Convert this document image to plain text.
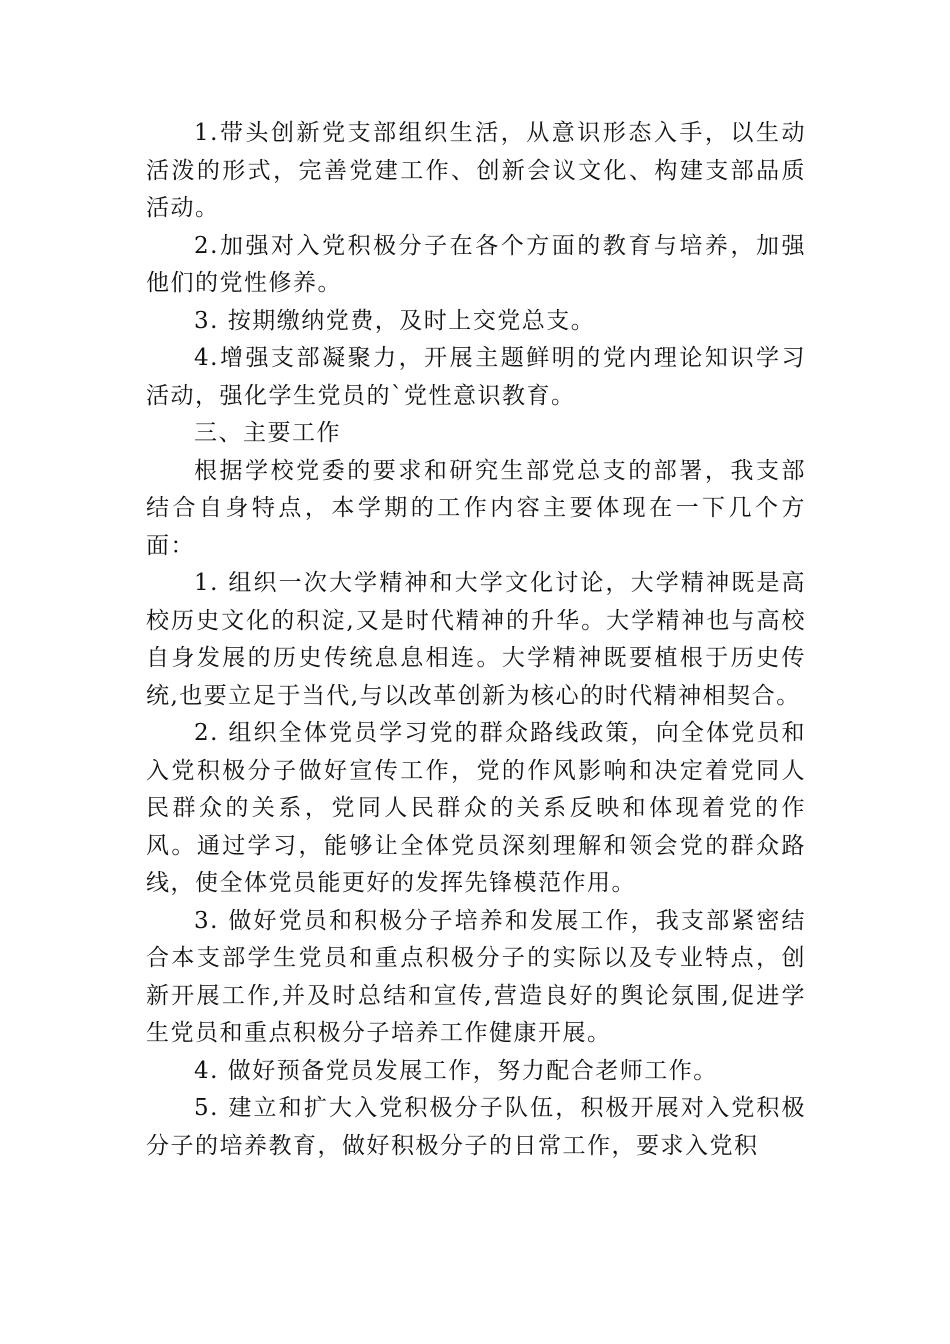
1.带头创新党支部组织生活，从意识形态入手，以生动活泼的形式，完善党建工作、创新会议文化、构建支部品质活动。

2.加强对入党积极分子在各个方面的教育与培养，加强他们的党性修养。

3. 按期缴纳党费，及时上交党总支。

4.增强支部凝聚力，开展主题鲜明的党内理论知识学习活动，强化学生党员的`党性意识教育。

三、主要工作

根据学校党委的要求和研究生部党总支的部署，我支部结合自身特点，本学期的工作内容主要体现在一下几个方面：

1. 组织一次大学精神和大学文化讨论，大学精神既是高校历史文化的积淀,又是时代精神的升华。大学精神也与高校自身发展的历史传统息息相连。大学精神既要植根于历史传统,也要立足于当代,与以改革创新为核心的时代精神相契合。

2. 组织全体党员学习党的群众路线政策，向全体党员和入党积极分子做好宣传工作，党的作风影响和决定着党同人民群众的关系，党同人民群众的关系反映和体现着党的作风。通过学习，能够让全体党员深刻理解和领会党的群众路线，使全体党员能更好的发挥先锋模范作用。

3. 做好党员和积极分子培养和发展工作，我支部紧密结合本支部学生党员和重点积极分子的实际以及专业特点，创新开展工作,并及时总结和宣传,营造良好的舆论氛围,促进学生党员和重点积极分子培养工作健康开展。

4. 做好预备党员发展工作，努力配合老师工作。

5. 建立和扩大入党积极分子队伍，积极开展对入党积极分子的培养教育，做好积极分子的日常工作，要求入党积
